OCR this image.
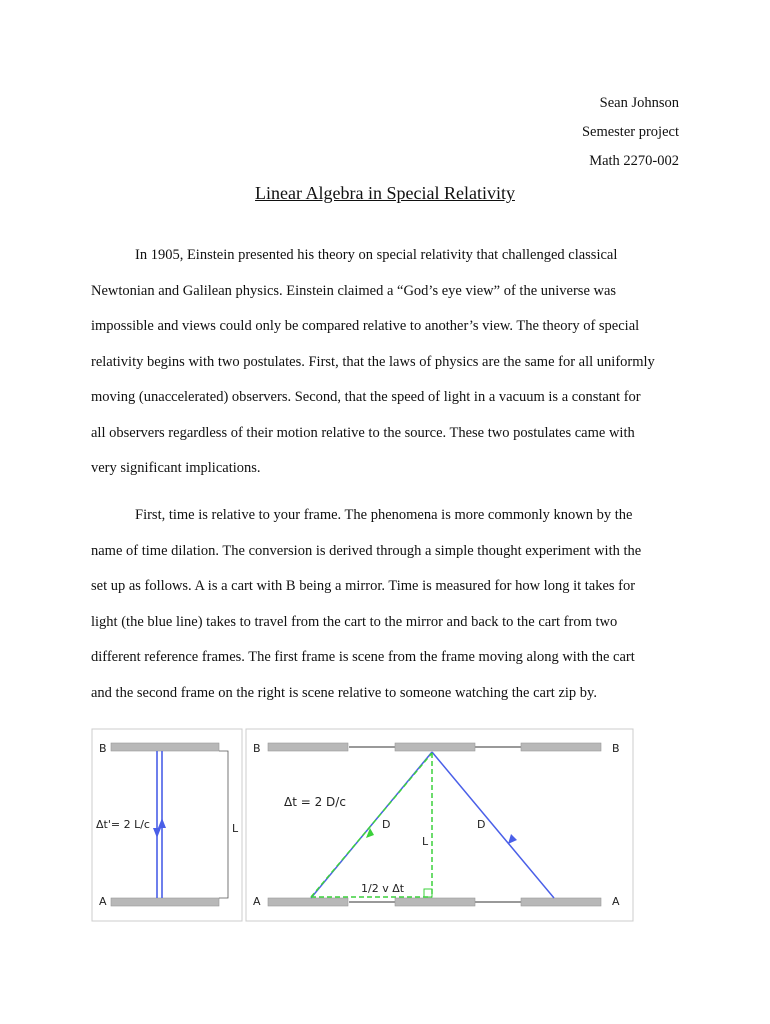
Sean Johnson
Semester project
Math 2270-002
Linear Algebra in Special Relativity
In 1905, Einstein presented his theory on special relativity that challenged classical
Newtonian and Galilean physics. Einstein claimed a “God’s eye view” of the universe was
impossible and views could only be compared relative to another’s view. The theory of special
relativity begins with two postulates. First, that the laws of physics are the same for all uniformly
moving (unaccelerated) observers. Second, that the speed of light in a vacuum is a constant for
all observers regardless of their motion relative to the source. These two postulates came with
very significant implications.
First, time is relative to your frame. The phenomena is more commonly known by the
name of time dilation. The conversion is derived through a simple thought experiment with the
set up as follows. A is a cart with B being a mirror. Time is measured for how long it takes for
light (the blue line) takes to travel from the cart to the mirror and back to the cart from two
different reference frames. The first frame is scene from the frame moving along with the cart
and the second frame on the right is scene relative to someone watching the cart zip by.
B
A
Δt'= 2 L/c	L
B	B
A	A
Δt = 2 D/c
D	D
L
1/2 v Δt
